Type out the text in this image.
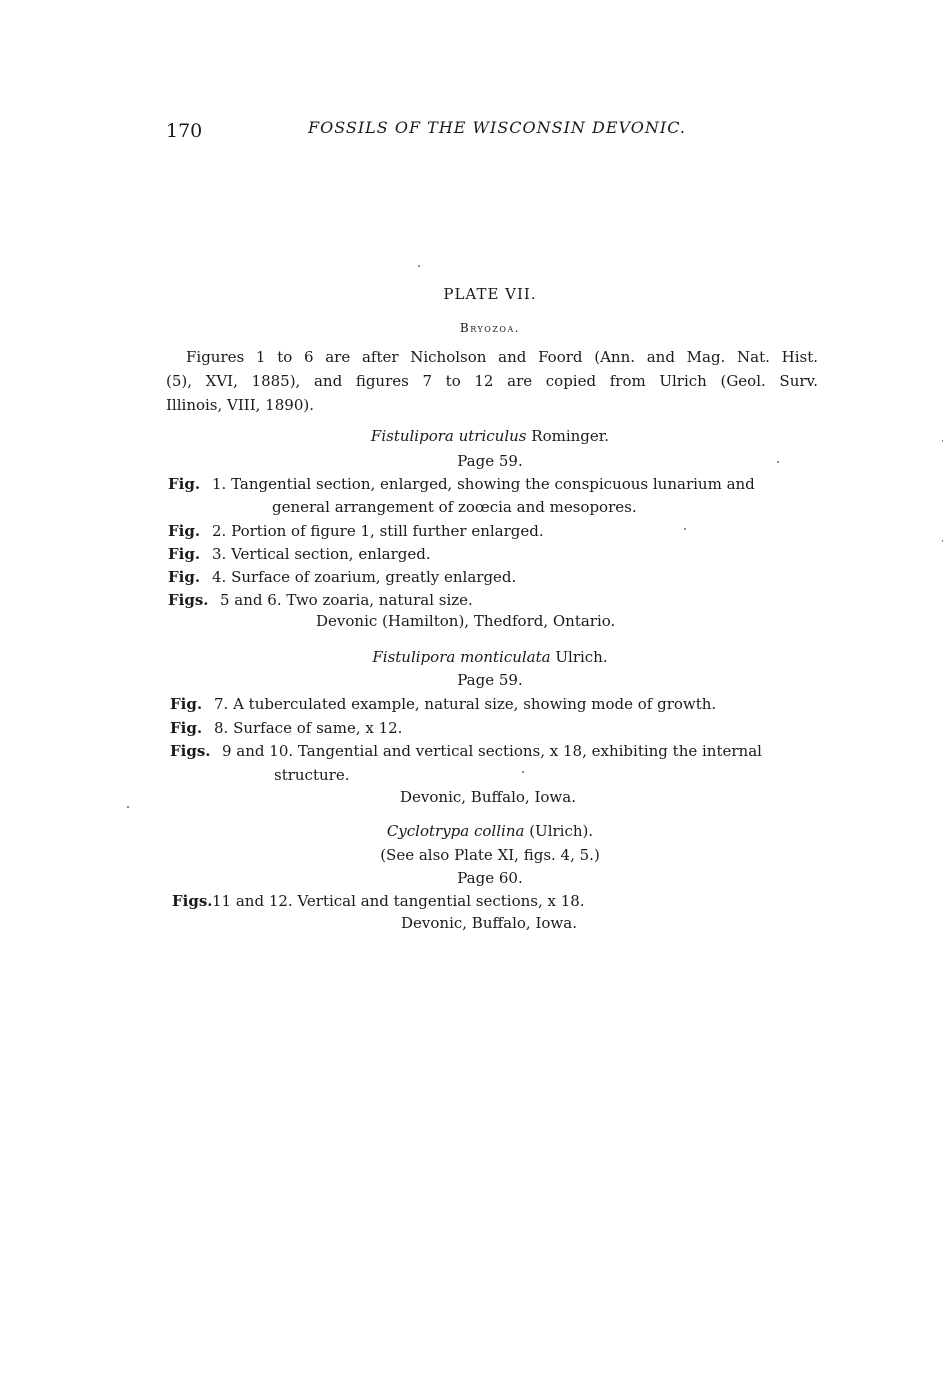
170	FOSSILS OF THE WISCONSIN DEVONIC.
PLATE VII.
Bryozoa.
Figures 1 to 6 are after Nicholson and Foord (Ann. and Mag. Nat. Hist.
(5), XVI, 1885), and figures 7 to 12 are copied from Ulrich (Geol. Surv.
Illinois, VIII, 1890).
Fistulipora utriculus Rominger.
Page 59.
Fig. 1. Tangential section, enlarged, showing the conspicuous lunarium and
general arrangement of zoœcia and mesopores.
Fig. 2. Portion of figure 1, still further enlarged.
Fig. 3. Vertical section, enlarged.
Fig. 4. Surface of zoarium, greatly enlarged.
Figs. 5 and 6. Two zoaria, natural size.
Devonic (Hamilton), Thedford, Ontario.
Fistulipora monticulata Ulrich.
Page 59.
Fig. 7. A tuberculated example, natural size, showing mode of growth.
Fig. 8. Surface of same, x 12.
Figs. 9 and 10. Tangential and vertical sections, x 18, exhibiting the internal
structure.
Devonic, Buffalo, Iowa.
Cyclotrypa collina (Ulrich).
(See also Plate XI, figs. 4, 5.)
Page 60.
Figs.11 and 12. Vertical and tangential sections, x 18.
Devonic, Buffalo, Iowa.
